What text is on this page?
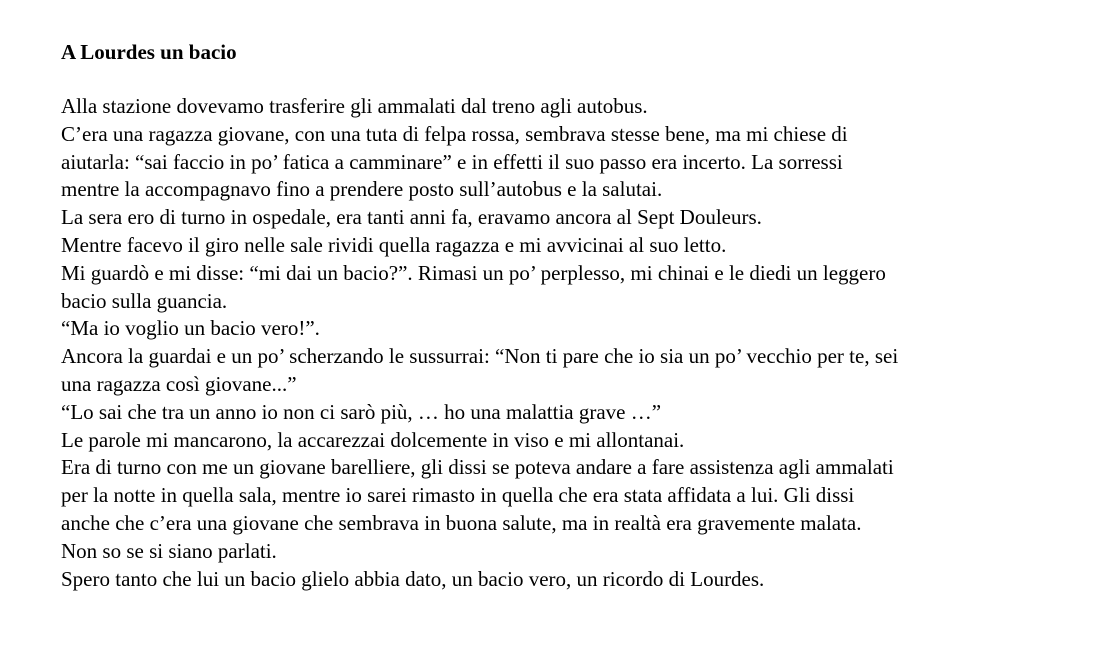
A Lourdes un bacio

Alla stazione dovevamo trasferire gli ammalati dal treno agli autobus.

C’era una ragazza giovane, con una tuta di felpa rossa, sembrava stesse bene, ma mi chiese di

aiutarla: “sai faccio in po’ fatica a camminare” e in effetti il suo passo era incerto. La sorressi

mentre la accompagnavo fino a prendere posto sull’autobus e la salutai.

La sera ero di turno in ospedale, era tanti anni fa, eravamo ancora al Sept Douleurs.

Mentre facevo il giro nelle sale rividi quella ragazza e mi avvicinai al suo letto.

Mi guardò e mi disse: “mi dai un bacio?”. Rimasi un po’ perplesso, mi chinai e le diedi un leggero

bacio sulla guancia.

“Ma io voglio un bacio vero!”.

Ancora la guardai e un po’ scherzando le sussurrai: “Non ti pare che io sia un po’ vecchio per te, sei

una ragazza così giovane...”

“Lo sai che tra un anno io non ci sarò più, … ho una malattia grave …”

Le parole mi mancarono, la accarezzai dolcemente in viso e mi allontanai.

Era di turno con me un giovane barelliere, gli dissi se poteva andare a fare assistenza agli ammalati

per la notte in quella sala, mentre io sarei rimasto in quella che era stata affidata a lui. Gli dissi

anche che c’era una giovane che sembrava in buona salute, ma in realtà era gravemente malata.

Non so se si siano parlati.

Spero tanto che lui un bacio glielo abbia dato, un bacio vero, un ricordo di Lourdes.
